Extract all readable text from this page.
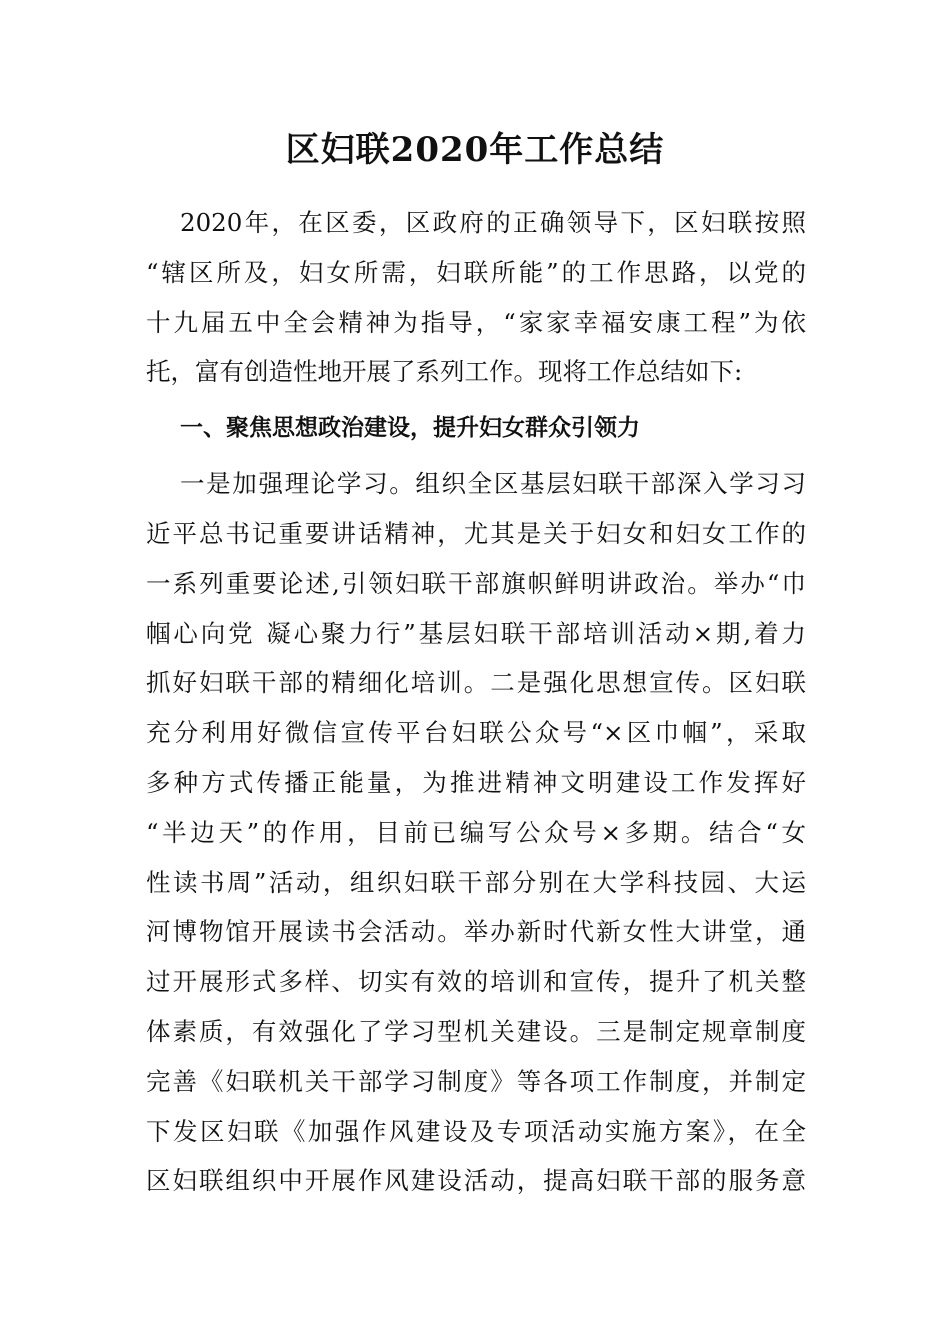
区妇联2020年工作总结
2020年，在区委，区政府的正确领导下，区妇联按照
“辖区所及，妇女所需，妇联所能”的工作思路，以党的
十九届五中全会精神为指导，“家家幸福安康工程”为依
托，富有创造性地开展了系列工作。现将工作总结如下:
一、聚焦思想政治建设，提升妇女群众引领力
一是加强理论学习。组织全区基层妇联干部深入学习习
近平总书记重要讲话精神，尤其是关于妇女和妇女工作的
一系列重要论述,引领妇联干部旗帜鲜明讲政治。举办“巾
帼心向党 凝心聚力行”基层妇联干部培训活动×期,着力
抓好妇联干部的精细化培训。二是强化思想宣传。区妇联
充分利用好微信宣传平台妇联公众号“×区巾帼”，采取
多种方式传播正能量，为推进精神文明建设工作发挥好
“半边天”的作用，目前已编写公众号×多期。结合“女
性读书周”活动，组织妇联干部分别在大学科技园、大运
河博物馆开展读书会活动。举办新时代新女性大讲堂，通
过开展形式多样、切实有效的培训和宣传，提升了机关整
体素质，有效强化了学习型机关建设。三是制定规章制度
完善《妇联机关干部学习制度》等各项工作制度，并制定
下发区妇联《加强作风建设及专项活动实施方案》，在全
区妇联组织中开展作风建设活动，提高妇联干部的服务意
